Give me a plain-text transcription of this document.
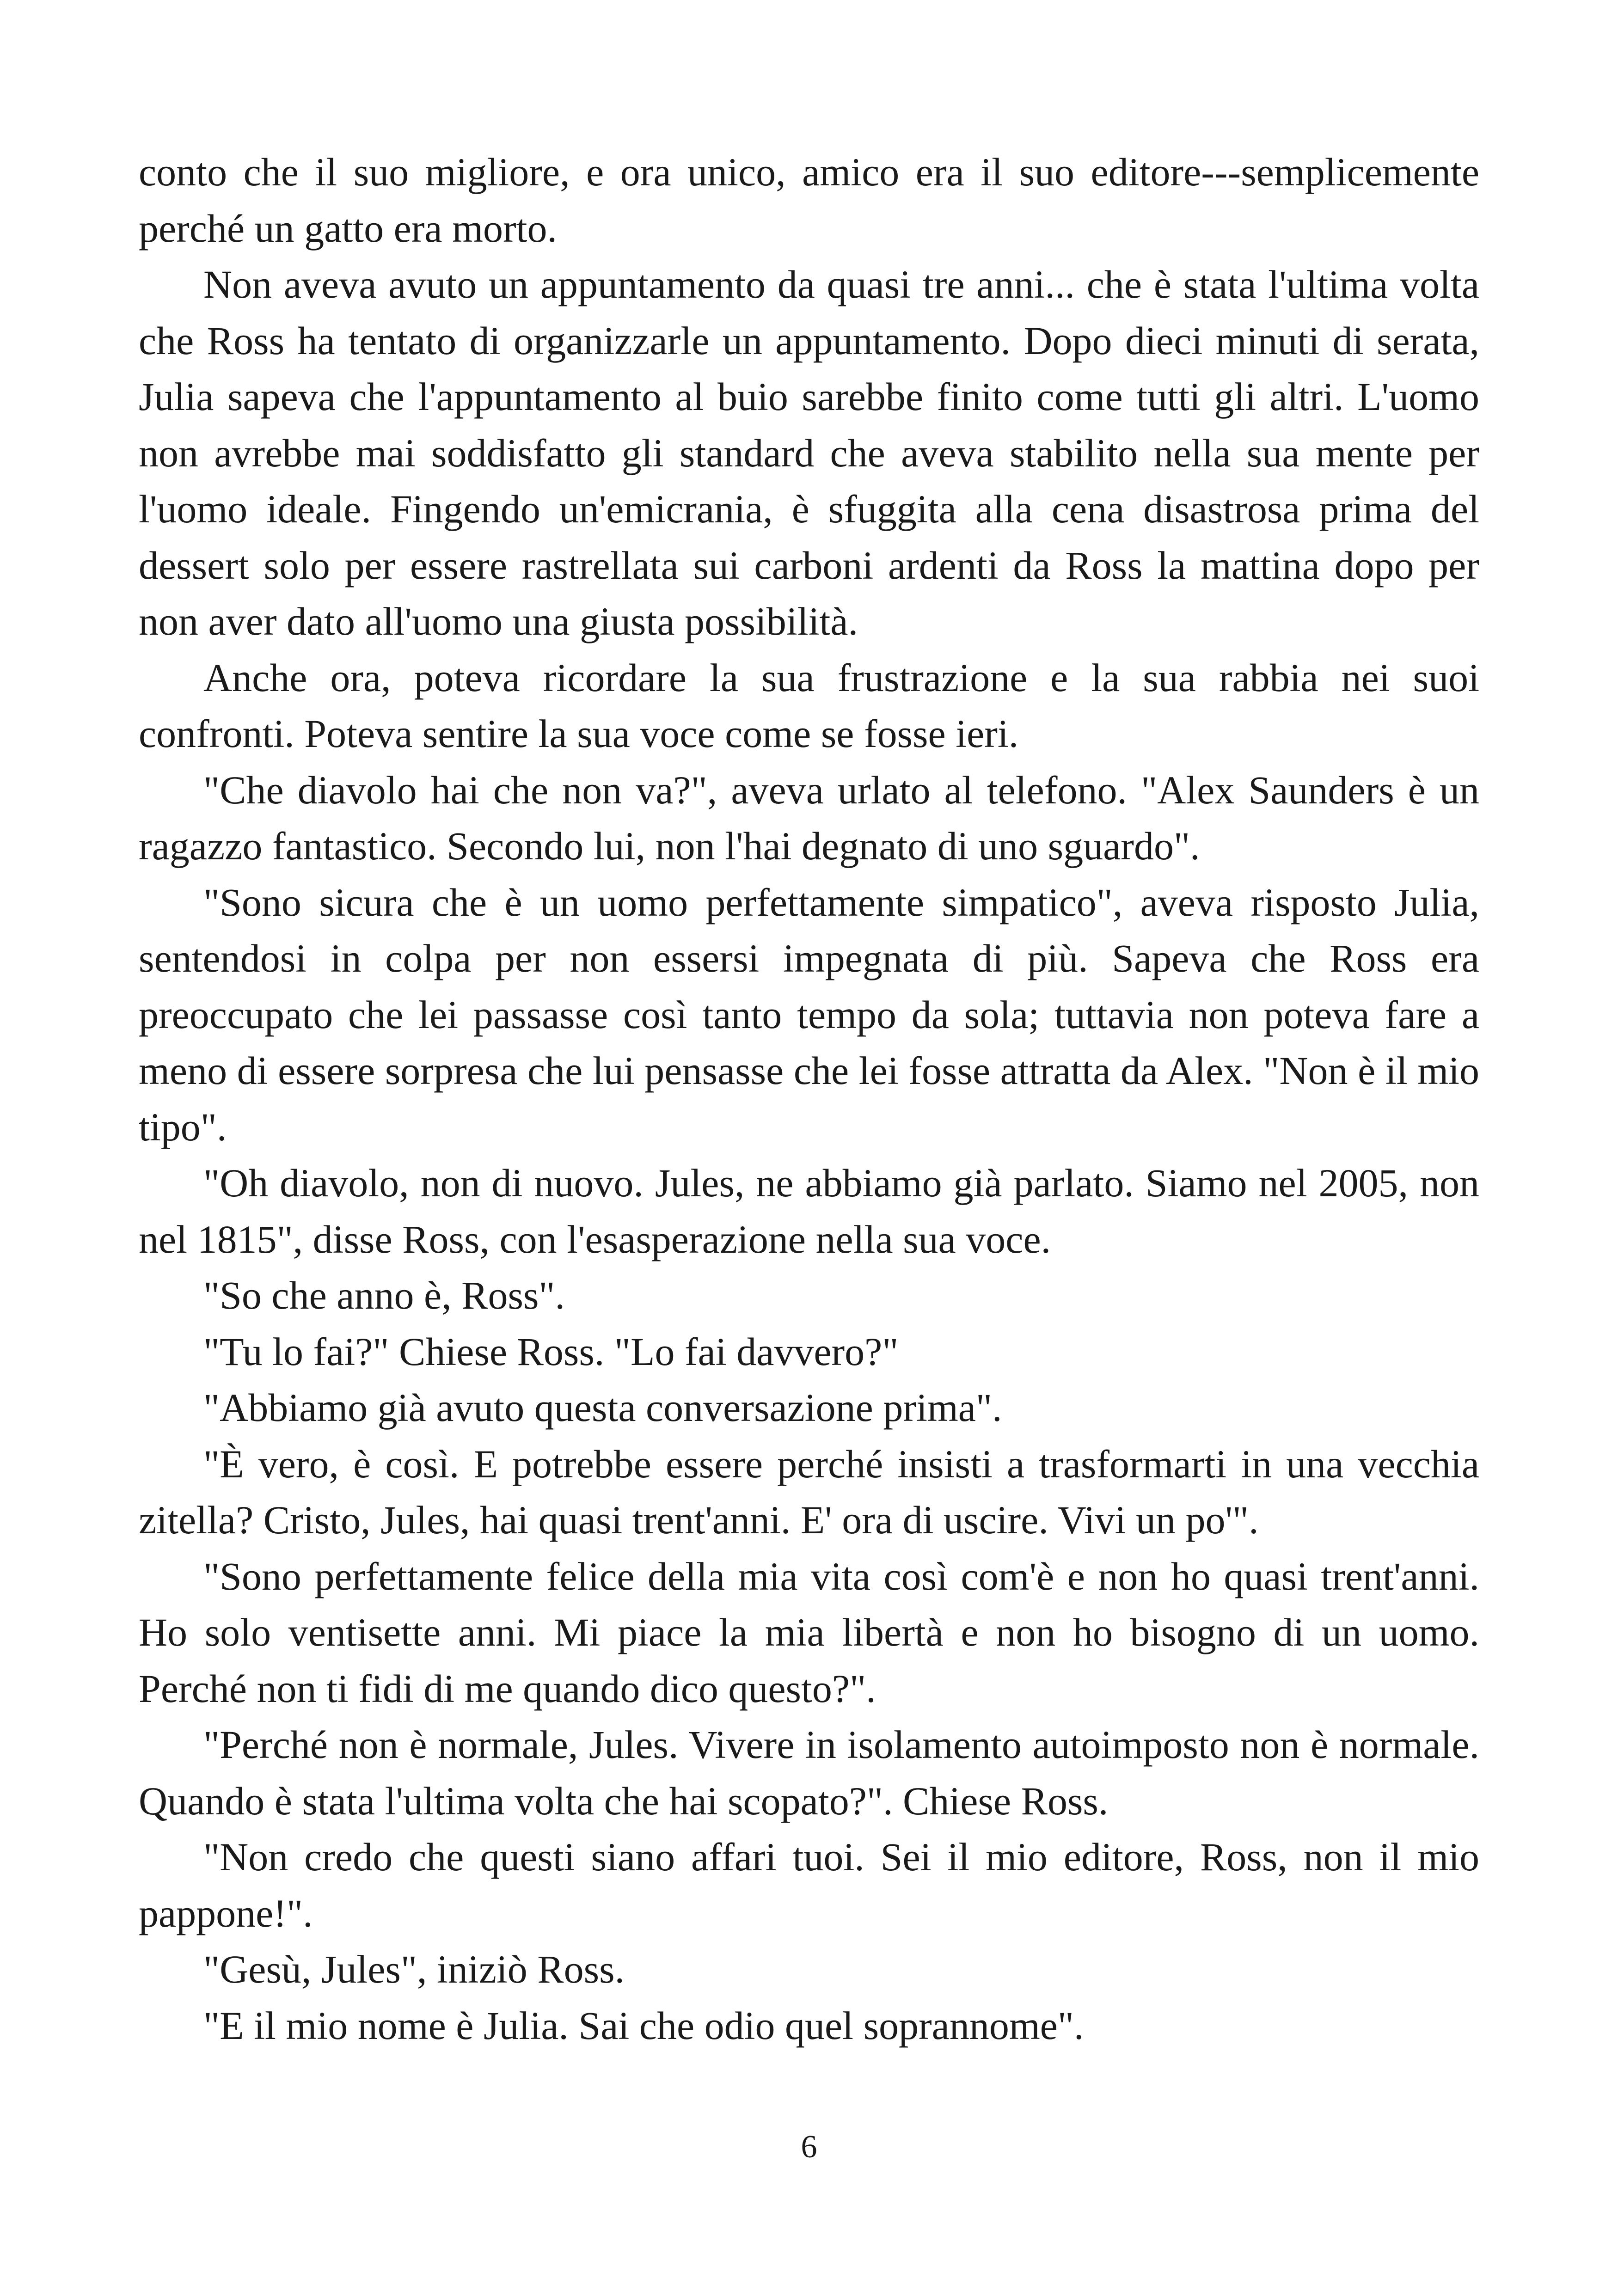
conto che il suo migliore, e ora unico, amico era il suo editore---semplicemente perché un gatto era morto.

Non aveva avuto un appuntamento da quasi tre anni... che è stata l'ultima volta che Ross ha tentato di organizzarle un appuntamento. Dopo dieci minuti di serata, Julia sapeva che l'appuntamento al buio sarebbe finito come tutti gli altri. L'uomo non avrebbe mai soddisfatto gli standard che aveva stabilito nella sua mente per l'uomo ideale. Fingendo un'emicrania, è sfuggita alla cena disastrosa prima del dessert solo per essere rastrellata sui carboni ardenti da Ross la mattina dopo per non aver dato all'uomo una giusta possibilità.

Anche ora, poteva ricordare la sua frustrazione e la sua rabbia nei suoi confronti. Poteva sentire la sua voce come se fosse ieri.

"Che diavolo hai che non va?", aveva urlato al telefono. "Alex Saunders è un ragazzo fantastico. Secondo lui, non l'hai degnato di uno sguardo".

"Sono sicura che è un uomo perfettamente simpatico", aveva risposto Julia, sentendosi in colpa per non essersi impegnata di più. Sapeva che Ross era preoccupato che lei passasse così tanto tempo da sola; tuttavia non poteva fare a meno di essere sorpresa che lui pensasse che lei fosse attratta da Alex. "Non è il mio tipo".

"Oh diavolo, non di nuovo. Jules, ne abbiamo già parlato. Siamo nel 2005, non nel 1815", disse Ross, con l'esasperazione nella sua voce.

"So che anno è, Ross".

"Tu lo fai?" Chiese Ross. "Lo fai davvero?"

"Abbiamo già avuto questa conversazione prima".

"È vero, è così. E potrebbe essere perché insisti a trasformarti in una vecchia zitella? Cristo, Jules, hai quasi trent'anni. E' ora di uscire. Vivi un po'".

"Sono perfettamente felice della mia vita così com'è e non ho quasi trent'anni. Ho solo ventisette anni. Mi piace la mia libertà e non ho bisogno di un uomo. Perché non ti fidi di me quando dico questo?".

"Perché non è normale, Jules. Vivere in isolamento autoimposto non è normale. Quando è stata l'ultima volta che hai scopato?". Chiese Ross.

"Non credo che questi siano affari tuoi. Sei il mio editore, Ross, non il mio pappone!".

"Gesù, Jules", iniziò Ross.

"E il mio nome è Julia. Sai che odio quel soprannome".

6
